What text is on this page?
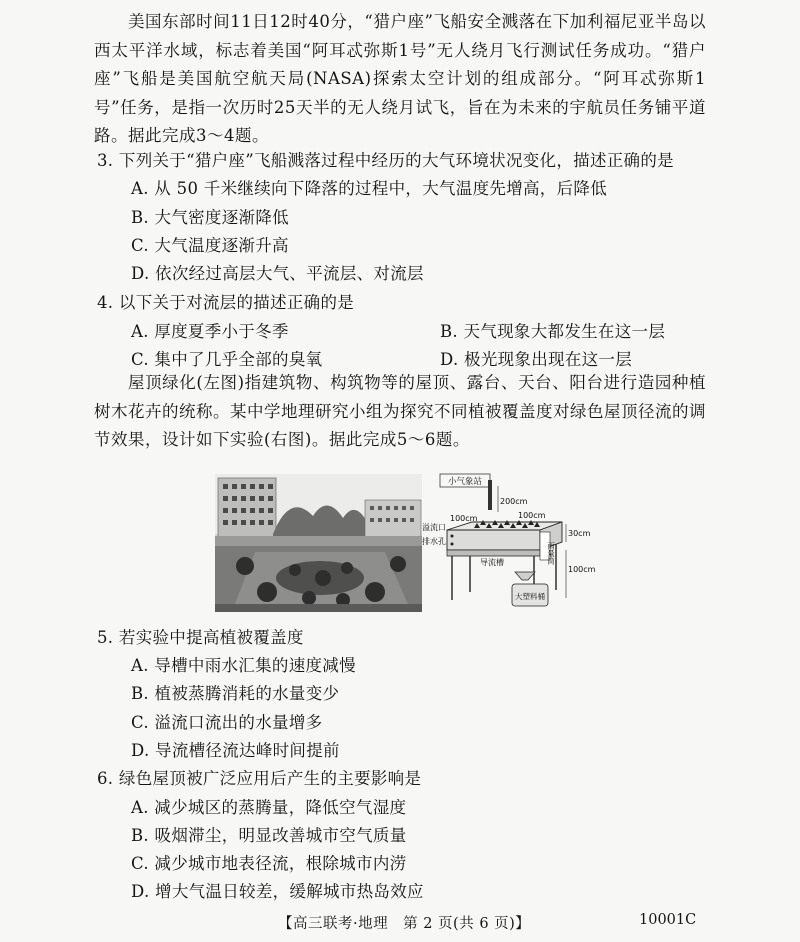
美国东部时间11日12时40分，“猎户座”飞船安全溅落在下加利福尼亚半岛以西太平洋水域，标志着美国“阿耳忒弥斯1号”无人绕月飞行测试任务成功。“猎户座”飞船是美国航空航天局(NASA)探索太空计划的组成部分。“阿耳忒弥斯1号”任务，是指一次历时25天半的无人绕月试飞，旨在为未来的宇航员任务铺平道路。据此完成3～4题。
3. 下列关于“猎户座”飞船溅落过程中经历的大气环境状况变化，描述正确的是
A. 从 50 千米继续向下降落的过程中，大气温度先增高，后降低
B. 大气密度逐渐降低
C. 大气温度逐渐升高
D. 依次经过高层大气、平流层、对流层
4. 以下关于对流层的描述正确的是
A. 厚度夏季小于冬季	B. 天气现象大都发生在这一层
C. 集中了几乎全部的臭氧	D. 极光现象出现在这一层
屋顶绿化(左图)指建筑物、构筑物等的屋顶、露台、天台、阳台进行造园种植树木花卉的统称。某中学地理研究小组为探究不同植被覆盖度对绿色屋顶径流的调节效果，设计如下实验(右图)。据此完成5～6题。
小气象站
200cm
100cm	100cm
溢流口
排水孔
30cm
导流槽
100cm
雨量筒
大塑料桶
5. 若实验中提高植被覆盖度
A. 导槽中雨水汇集的速度减慢
B. 植被蒸腾消耗的水量变少
C. 溢流口流出的水量增多
D. 导流槽径流达峰时间提前
6. 绿色屋顶被广泛应用后产生的主要影响是
A. 减少城区的蒸腾量，降低空气湿度
B. 吸烟滞尘，明显改善城市空气质量
C. 减少城市地表径流，根除城市内涝
D. 增大气温日较差，缓解城市热岛效应
【高三联考·地理　第 2 页(共 6 页)】	10001C
